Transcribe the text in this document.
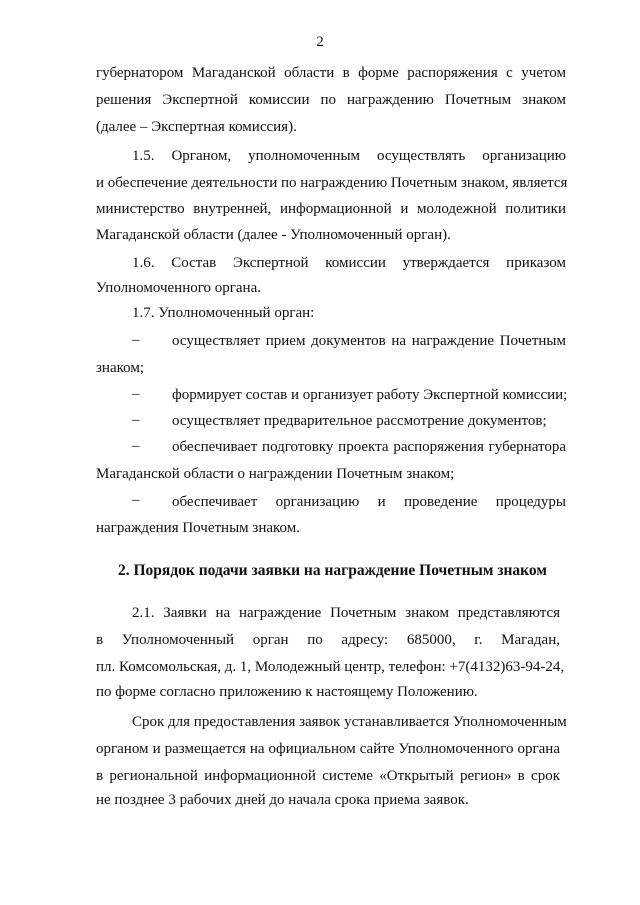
2
губернатором Магаданской области в форме распоряжения с учетом
решения Экспертной комиссии по награждению Почетным знаком
(далее – Экспертная комиссия).
1.5. Органом, уполномоченным осуществлять организацию
и обеспечение деятельности по награждению Почетным знаком, является
министерство внутренней, информационной и молодежной политики
Магаданской области (далее - Уполномоченный орган).
1.6. Состав Экспертной комиссии утверждается приказом
Уполномоченного органа.
1.7. Уполномоченный орган:
– осуществляет прием документов на награждение Почетным
знаком;
– формирует состав и организует работу Экспертной комиссии;
– осуществляет предварительное рассмотрение документов;
– обеспечивает подготовку проекта распоряжения губернатора
Магаданской области о награждении Почетным знаком;
– обеспечивает организацию и проведение процедуры
награждения Почетным знаком.
2. Порядок подачи заявки на награждение Почетным знаком
2.1. Заявки на награждение Почетным знаком представляются
в Уполномоченный орган по адресу: 685000, г. Магадан,
пл. Комсомольская, д. 1, Молодежный центр, телефон: +7(4132)63-94-24,
по форме согласно приложению к настоящему Положению.
Срок для предоставления заявок устанавливается Уполномоченным
органом и размещается на официальном сайте Уполномоченного органа
в региональной информационной системе «Открытый регион» в срок
не позднее 3 рабочих дней до начала срока приема заявок.
